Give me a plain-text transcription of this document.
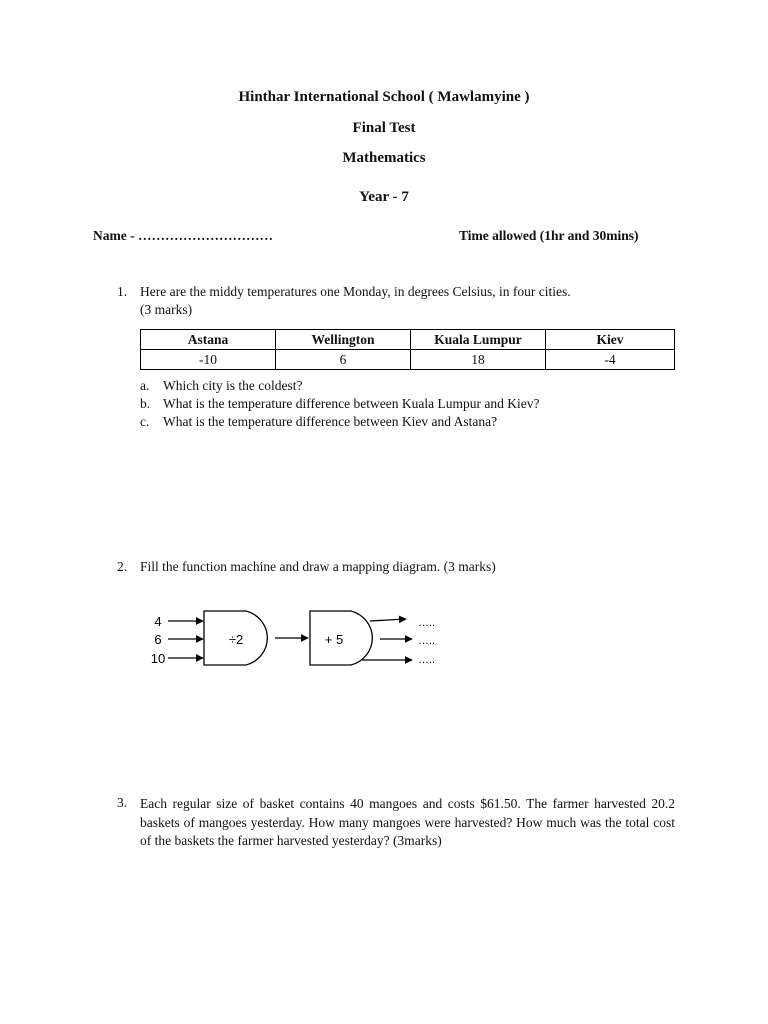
Hinthar International School ( Mawlamyine )
Final Test
Mathematics
Year - 7
Name - …………………………	Time allowed (1hr and 30mins)
1. Here are the middy temperatures one Monday, in degrees Celsius, in four cities.
(3 marks)
Astana	Wellington	Kuala Lumpur	Kiev
-10	6	18	-4
a. Which city is the coldest?
b. What is the temperature difference between Kuala Lumpur and Kiev?
c. What is the temperature difference between Kiev and Astana?
2. Fill the function machine and draw a mapping diagram. (3 marks)
4
6
10
÷2	+ 5
…..
…..
…..
3. Each regular size of basket contains 40 mangoes and costs $61.50. The farmer harvested 20.2 baskets of mangoes yesterday. How many mangoes were harvested? How much was the total cost of the baskets the farmer harvested yesterday? (3marks)
